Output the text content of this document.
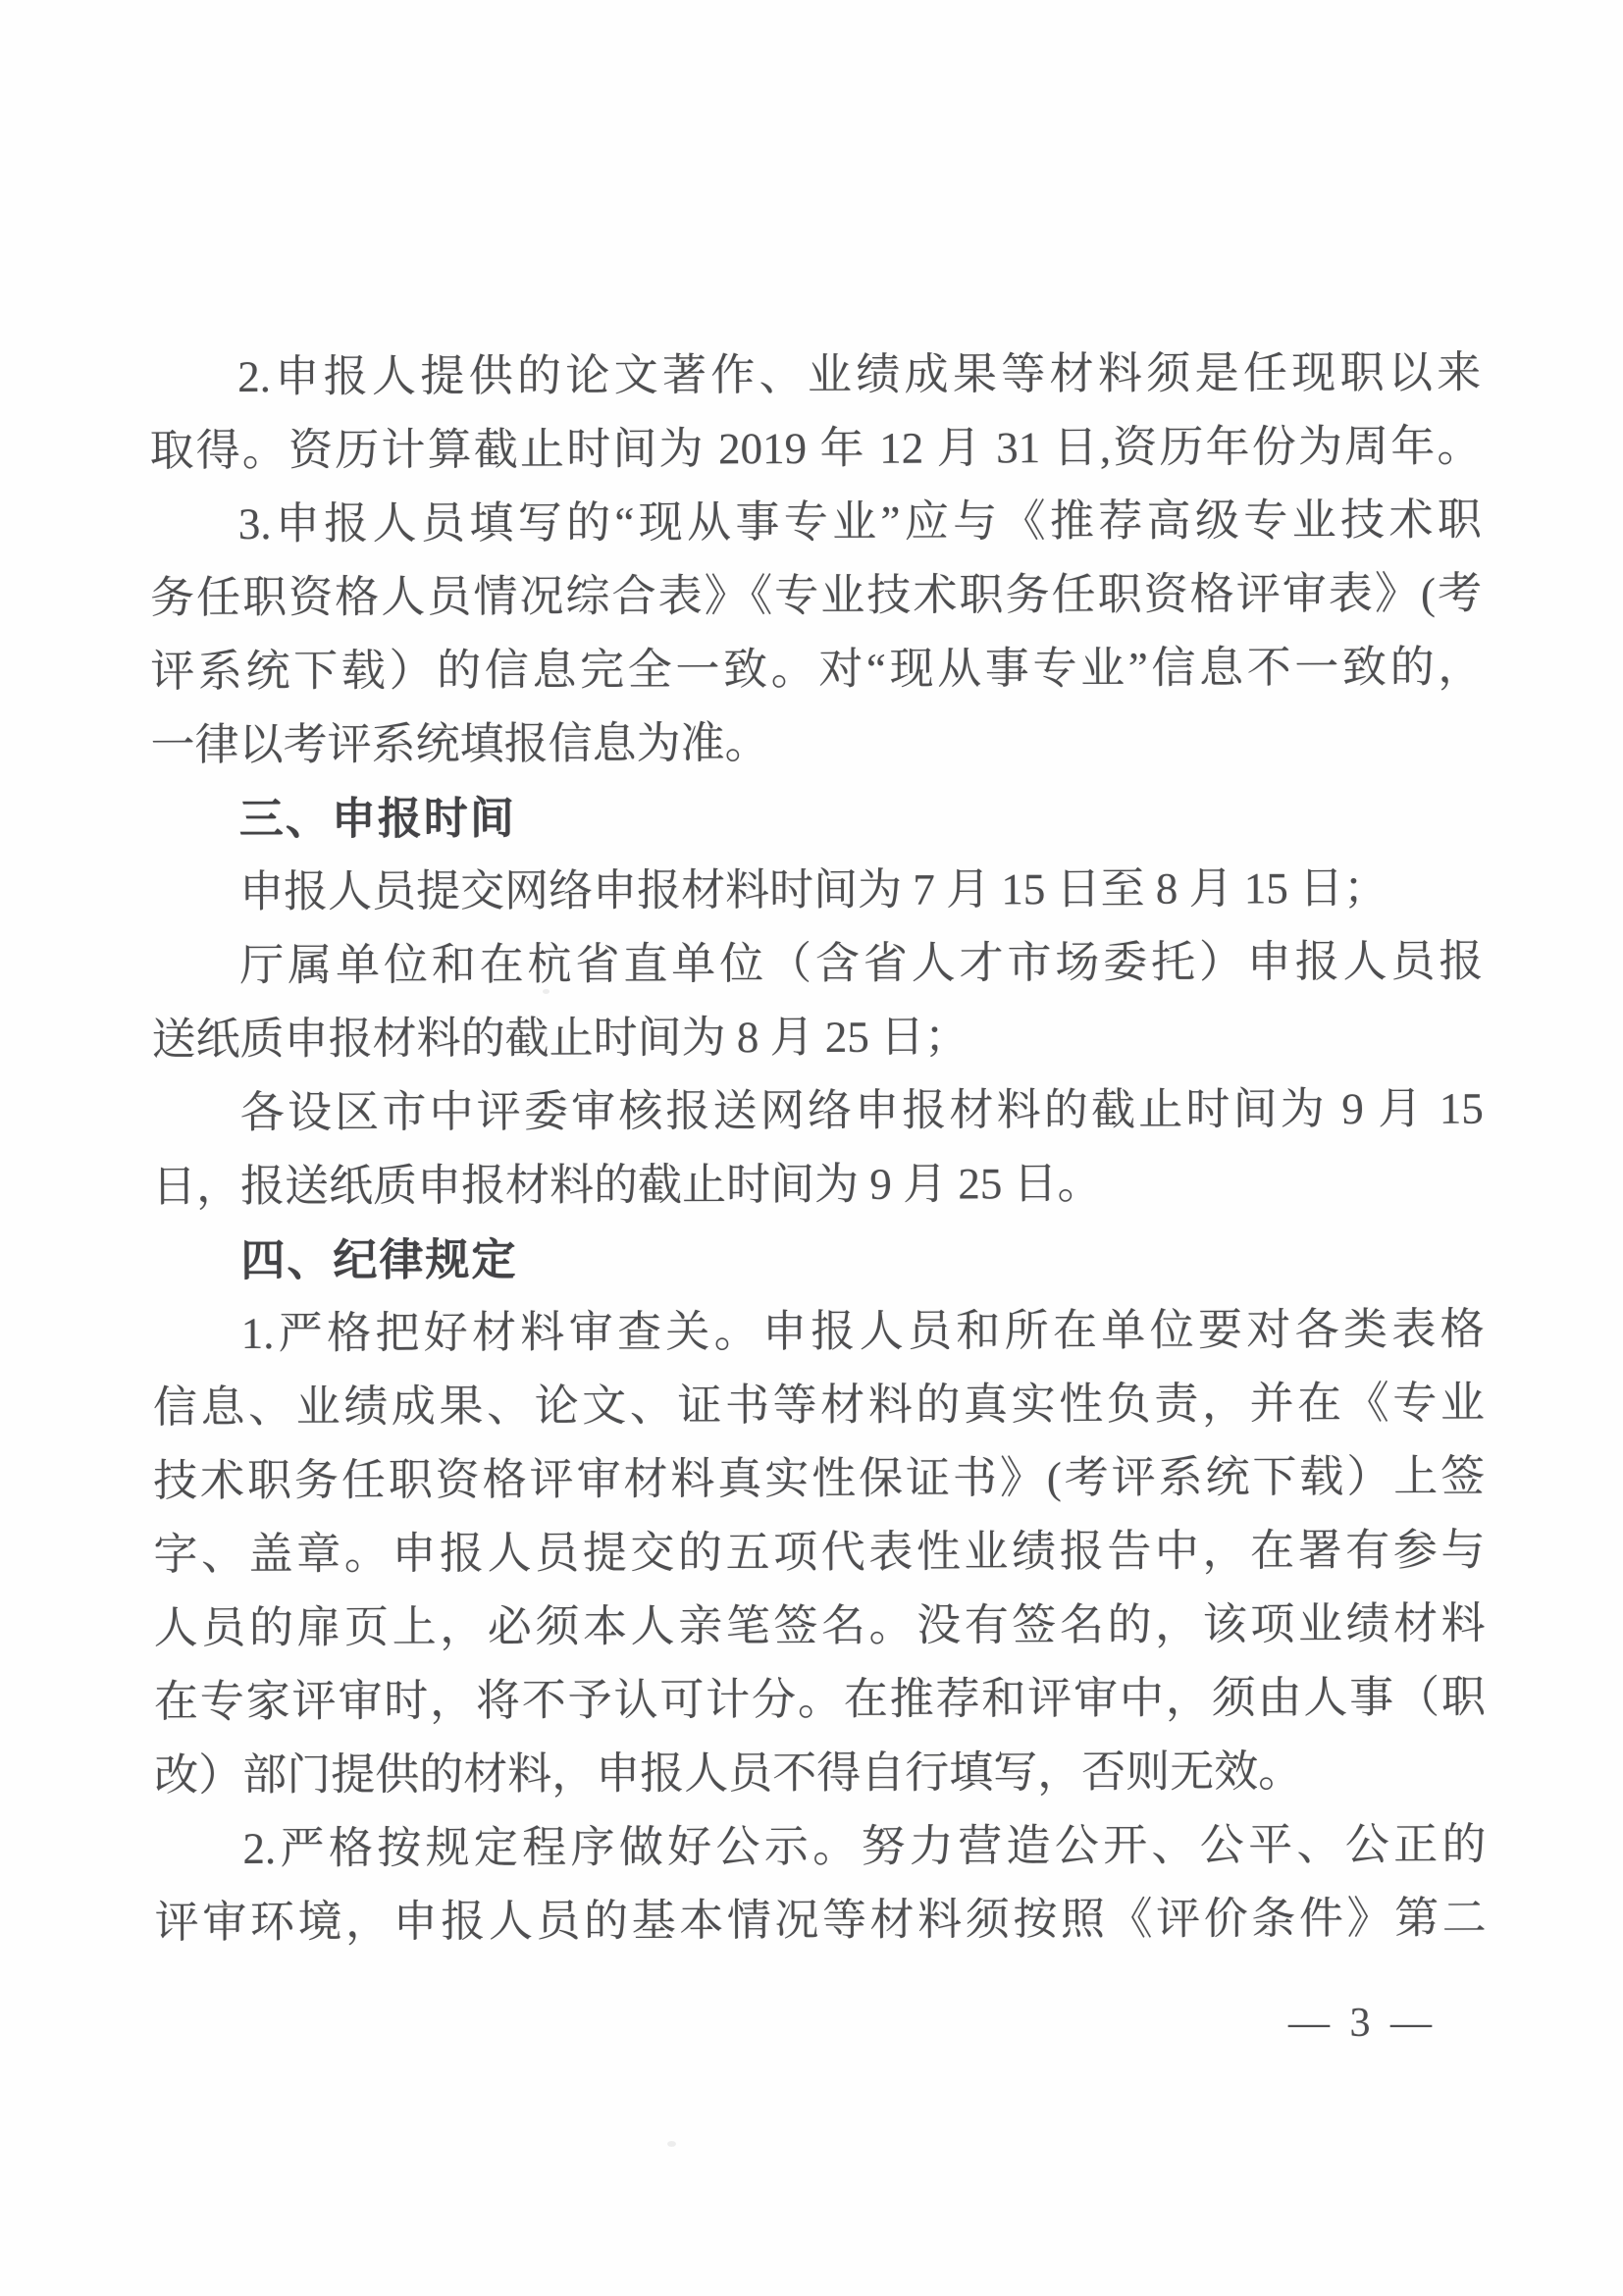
2.申报人提供的论文著作、业绩成果等材料须是任现职以来
取得。资历计算截止时间为 2019 年 12 月 31 日,资历年份为周年。
3.申报人员填写的“现从事专业”应与《推荐高级专业技术职
务任职资格人员情况综合表》《专业技术职务任职资格评审表》(考
评系统下载）的信息完全一致。对“现从事专业”信息不一致的，
一律以考评系统填报信息为准。
三、申报时间
申报人员提交网络申报材料时间为 7 月 15 日至 8 月 15 日；
厅属单位和在杭省直单位（含省人才市场委托）申报人员报
送纸质申报材料的截止时间为 8 月 25 日；
各设区市中评委审核报送网络申报材料的截止时间为 9 月 15
日，报送纸质申报材料的截止时间为 9 月 25 日。
四、纪律规定
1.严格把好材料审查关。申报人员和所在单位要对各类表格
信息、业绩成果、论文、证书等材料的真实性负责，并在《专业
技术职务任职资格评审材料真实性保证书》(考评系统下载）上签
字、盖章。申报人员提交的五项代表性业绩报告中，在署有参与
人员的扉页上，必须本人亲笔签名。没有签名的，该项业绩材料
在专家评审时，将不予认可计分。在推荐和评审中，须由人事（职
改）部门提供的材料，申报人员不得自行填写，否则无效。
2.严格按规定程序做好公示。努力营造公开、公平、公正的
评审环境，申报人员的基本情况等材料须按照《评价条件》第二
— 3 —
